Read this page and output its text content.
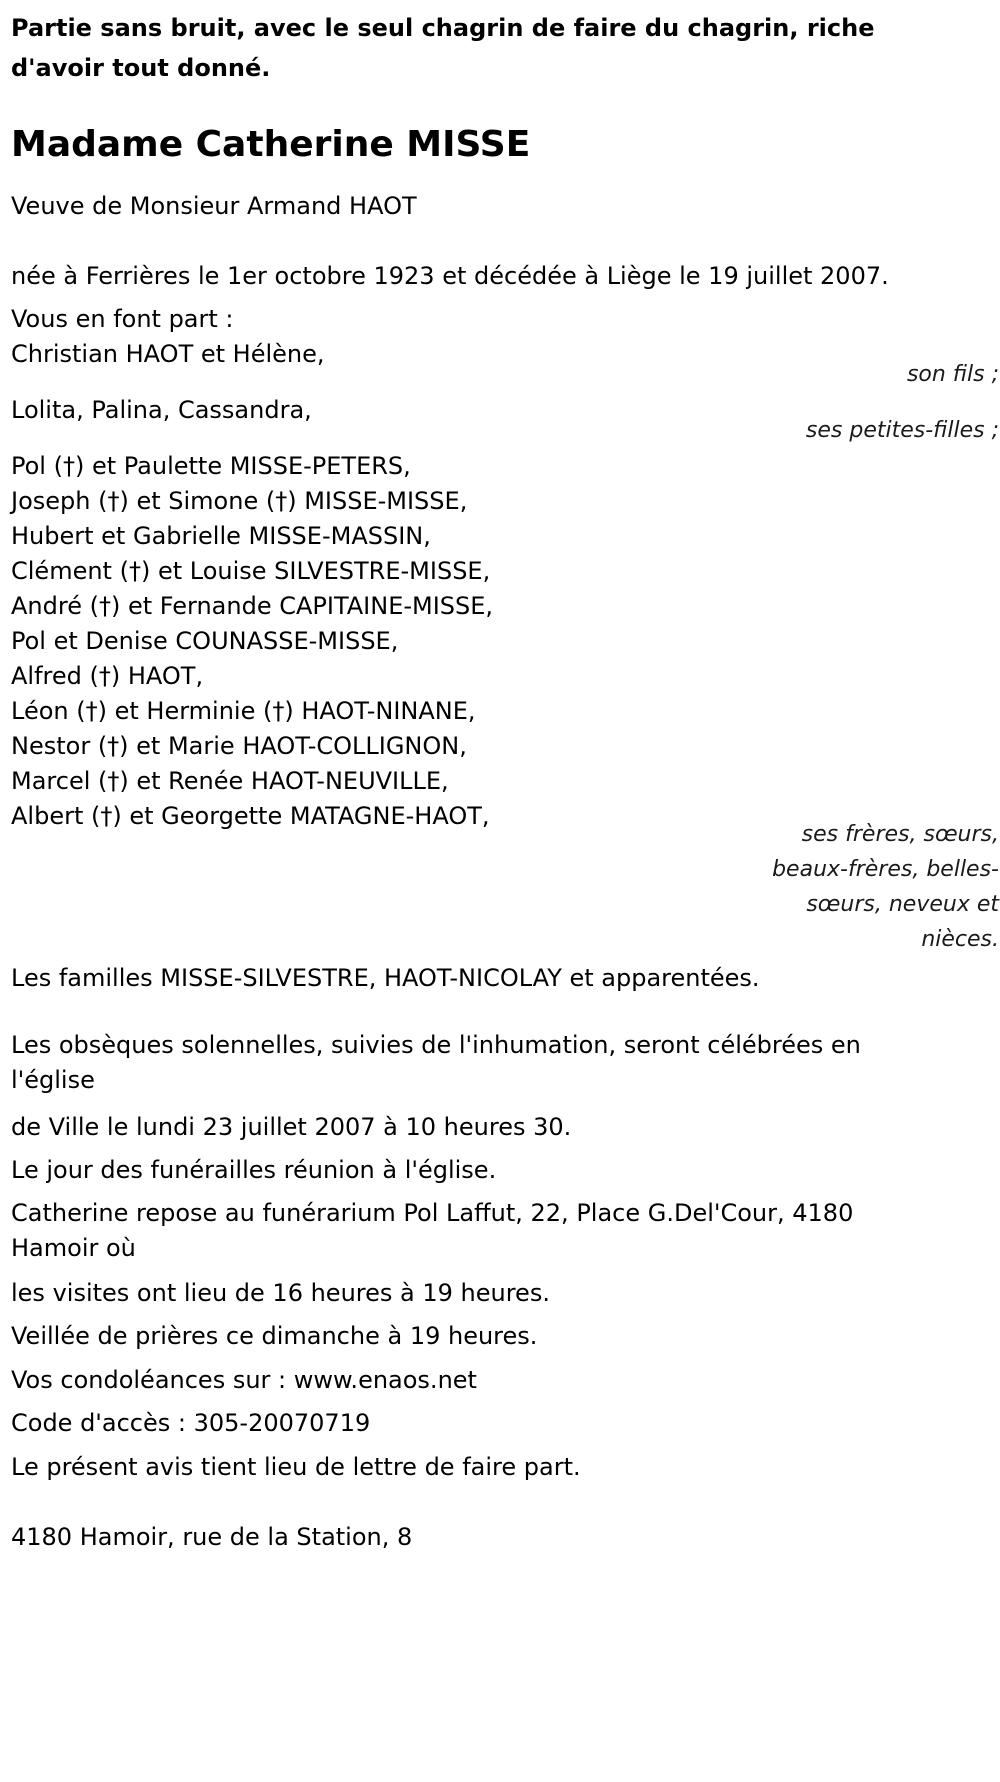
Partie sans bruit, avec le seul chagrin de faire du chagrin, riche d'avoir tout donné.

Madame Catherine MISSE

Veuve de Monsieur Armand HAOT

née à Ferrières le 1er octobre 1923 et décédée à Liège le 19 juillet 2007.

Vous en font part :

Christian HAOT et Hélène,

son fils ;

Lolita, Palina, Cassandra,

ses petites-filles ;

Pol (†) et Paulette MISSE-PETERS,

Joseph (†) et Simone (†) MISSE-MISSE,

Hubert et Gabrielle MISSE-MASSIN,

Clément (†) et Louise SILVESTRE-MISSE,

André (†) et Fernande CAPITAINE-MISSE,

Pol et Denise COUNASSE-MISSE,

Alfred (†) HAOT,

Léon (†) et Herminie (†) HAOT-NINANE,

Nestor (†) et Marie HAOT-COLLIGNON,

Marcel (†) et Renée HAOT-NEUVILLE,

Albert (†) et Georgette MATAGNE-HAOT,

ses frères, sœurs, beaux-frères, belles-sœurs, neveux et nièces.

Les familles MISSE-SILVESTRE, HAOT-NICOLAY et apparentées.

Les obsèques solennelles, suivies de l'inhumation, seront célébrées en l'église

de Ville le lundi 23 juillet 2007 à 10 heures 30.

Le jour des funérailles réunion à l'église.

Catherine repose au funérarium Pol Laffut, 22, Place G.Del'Cour, 4180 Hamoir où

les visites ont lieu de 16 heures à 19 heures.

Veillée de prières ce dimanche à 19 heures.

Vos condoléances sur : www.enaos.net

Code d'accès : 305-20070719

Le présent avis tient lieu de lettre de faire part.

4180 Hamoir, rue de la Station, 8
